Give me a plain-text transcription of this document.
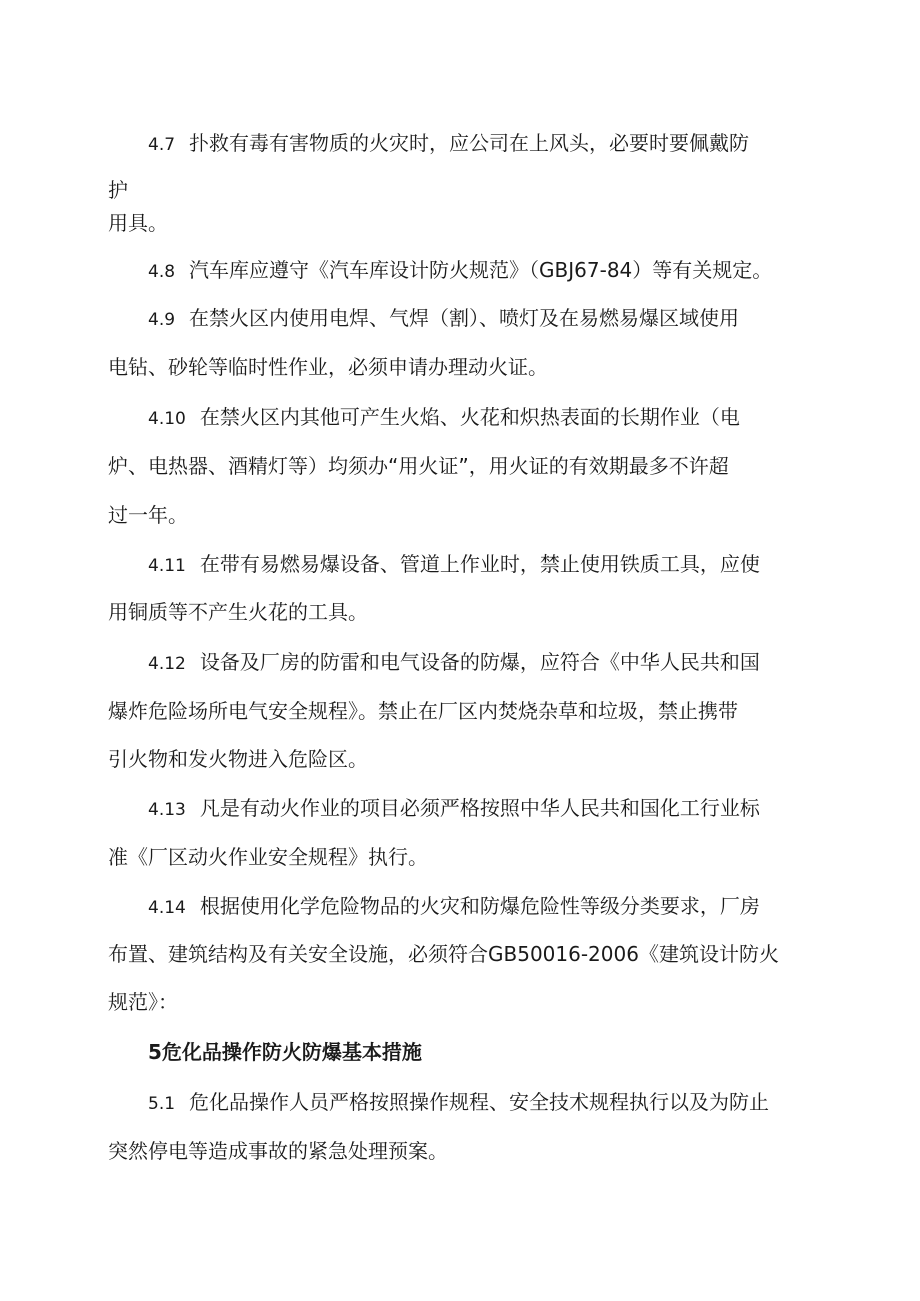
4.7 扑救有毒有害物质的火灾时，应公司在上风头，必要时要佩戴防

护

用具。

4.8 汽车库应遵守《汽车库设计防火规范》（GBJ67-84）等有关规定。

4.9 在禁火区内使用电焊、气焊（割）、喷灯及在易燃易爆区域使用

电钻、砂轮等临时性作业，必须申请办理动火证。

4.10 在禁火区内其他可产生火焰、火花和炽热表面的长期作业（电

炉、电热器、酒精灯等）均须办“用火证”，用火证的有效期最多不许超

过一年。

4.11 在带有易燃易爆设备、管道上作业时，禁止使用铁质工具，应使

用铜质等不产生火花的工具。

4.12 设备及厂房的防雷和电气设备的防爆，应符合《中华人民共和国

爆炸危险场所电气安全规程》。禁止在厂区内焚烧杂草和垃圾，禁止携带

引火物和发火物进入危险区。

4.13 凡是有动火作业的项目必须严格按照中华人民共和国化工行业标

准《厂区动火作业安全规程》执行。

4.14 根据使用化学危险物品的火灾和防爆危险性等级分类要求，厂房

布置、建筑结构及有关安全设施，必须符合GB50016-2006《建筑设计防火

规范》：

5危化品操作防火防爆基本措施

5.1 危化品操作人员严格按照操作规程、安全技术规程执行以及为防止

突然停电等造成事故的紧急处理预案。
